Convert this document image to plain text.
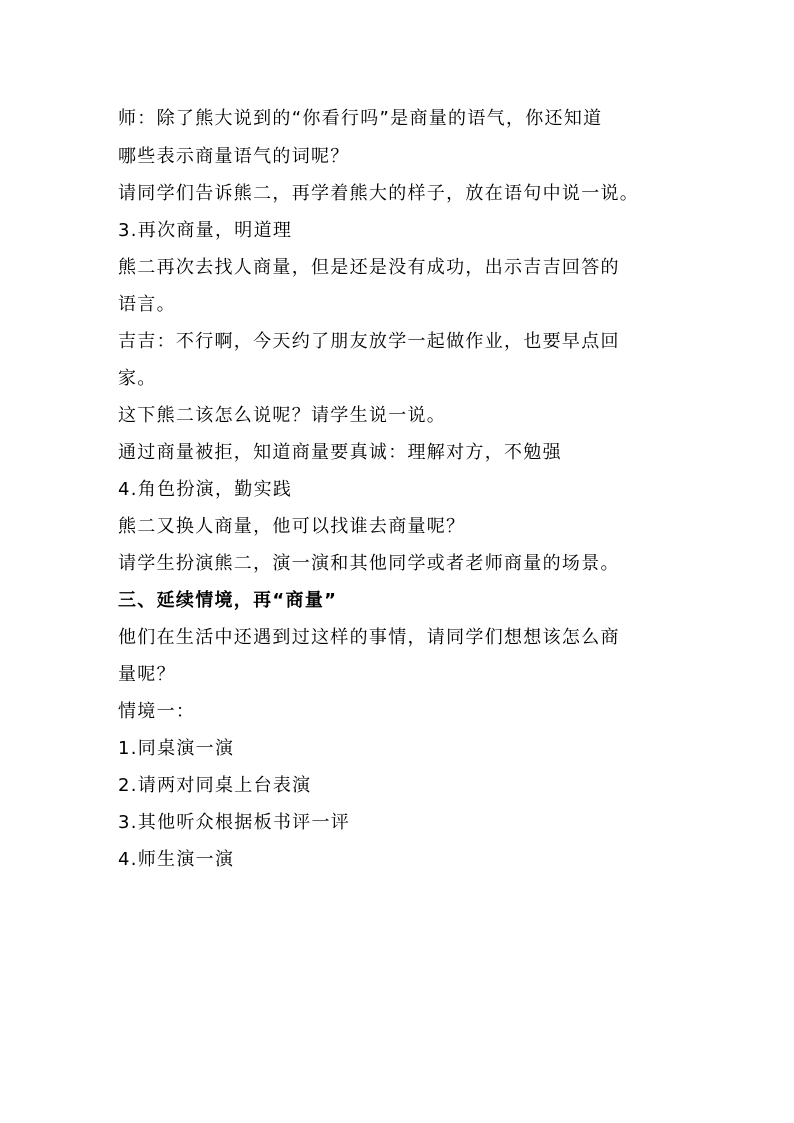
师：除了熊大说到的“你看行吗”是商量的语气，你还知道
哪些表示商量语气的词呢？
请同学们告诉熊二，再学着熊大的样子，放在语句中说一说。
3.再次商量，明道理
熊二再次去找人商量，但是还是没有成功，出示吉吉回答的
语言。
吉吉：不行啊，今天约了朋友放学一起做作业，也要早点回
家。
这下熊二该怎么说呢？请学生说一说。
通过商量被拒，知道商量要真诚：理解对方，不勉强
4.角色扮演，勤实践
熊二又换人商量，他可以找谁去商量呢？
请学生扮演熊二，演一演和其他同学或者老师商量的场景。
三、延续情境，再“商量”
他们在生活中还遇到过这样的事情，请同学们想想该怎么商
量呢？
情境一：
1.同桌演一演
2.请两对同桌上台表演
3.其他听众根据板书评一评
4.师生演一演
